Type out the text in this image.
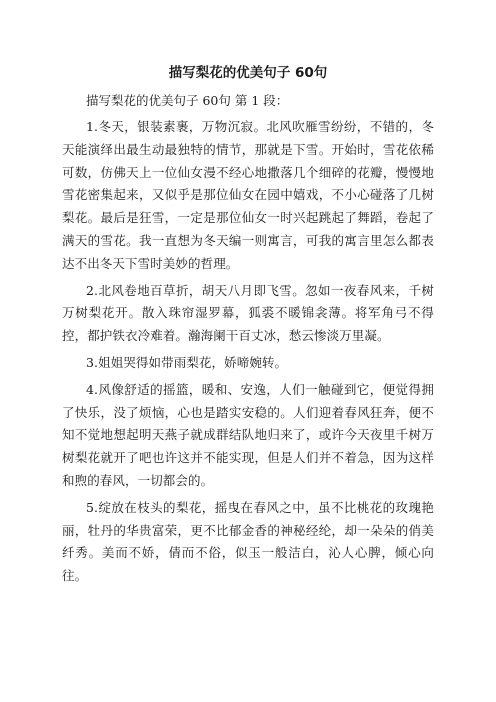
描写梨花的优美句子 60句

描写梨花的优美句子 60句 第 1 段：

1.冬天，银装素裹，万物沉寂。北风吹雁雪纷纷，不错的，冬天能演绎出最生动最独特的情节，那就是下雪。开始时，雪花依稀可数，仿佛天上一位仙女漫不经心地撒落几个细碎的花瓣，慢慢地雪花密集起来，又似乎是那位仙女在园中嬉戏，不小心碰落了几树梨花。最后是狂雪，一定是那位仙女一时兴起跳起了舞蹈，卷起了满天的雪花。我一直想为冬天编一则寓言，可我的寓言里怎么都表达不出冬天下雪时美妙的哲理。

2.北风卷地百草折，胡天八月即飞雪。忽如一夜春风来，千树万树梨花开。散入珠帘湿罗幕，狐裘不暖锦衾薄。将军角弓不得控，都护铁衣冷难着。瀚海阑干百丈冰，愁云惨淡万里凝。

3.姐姐哭得如带雨梨花，娇啼婉转。

4.风像舒适的摇篮，暖和、安逸，人们一触碰到它，便觉得拥了快乐，没了烦恼，心也是踏实安稳的。人们迎着春风狂奔，便不知不觉地想起明天燕子就成群结队地归来了，或许今天夜里千树万树梨花就开了吧也许这并不能实现，但是人们并不着急，因为这样和煦的春风，一切都会的。

5.绽放在枝头的梨花，摇曳在春风之中，虽不比桃花的玫瑰艳丽，牡丹的华贵富荣，更不比郁金香的神秘经纶，却一朵朵的俏美纤秀。美而不娇，倩而不俗，似玉一般洁白，沁人心脾，倾心向往。
